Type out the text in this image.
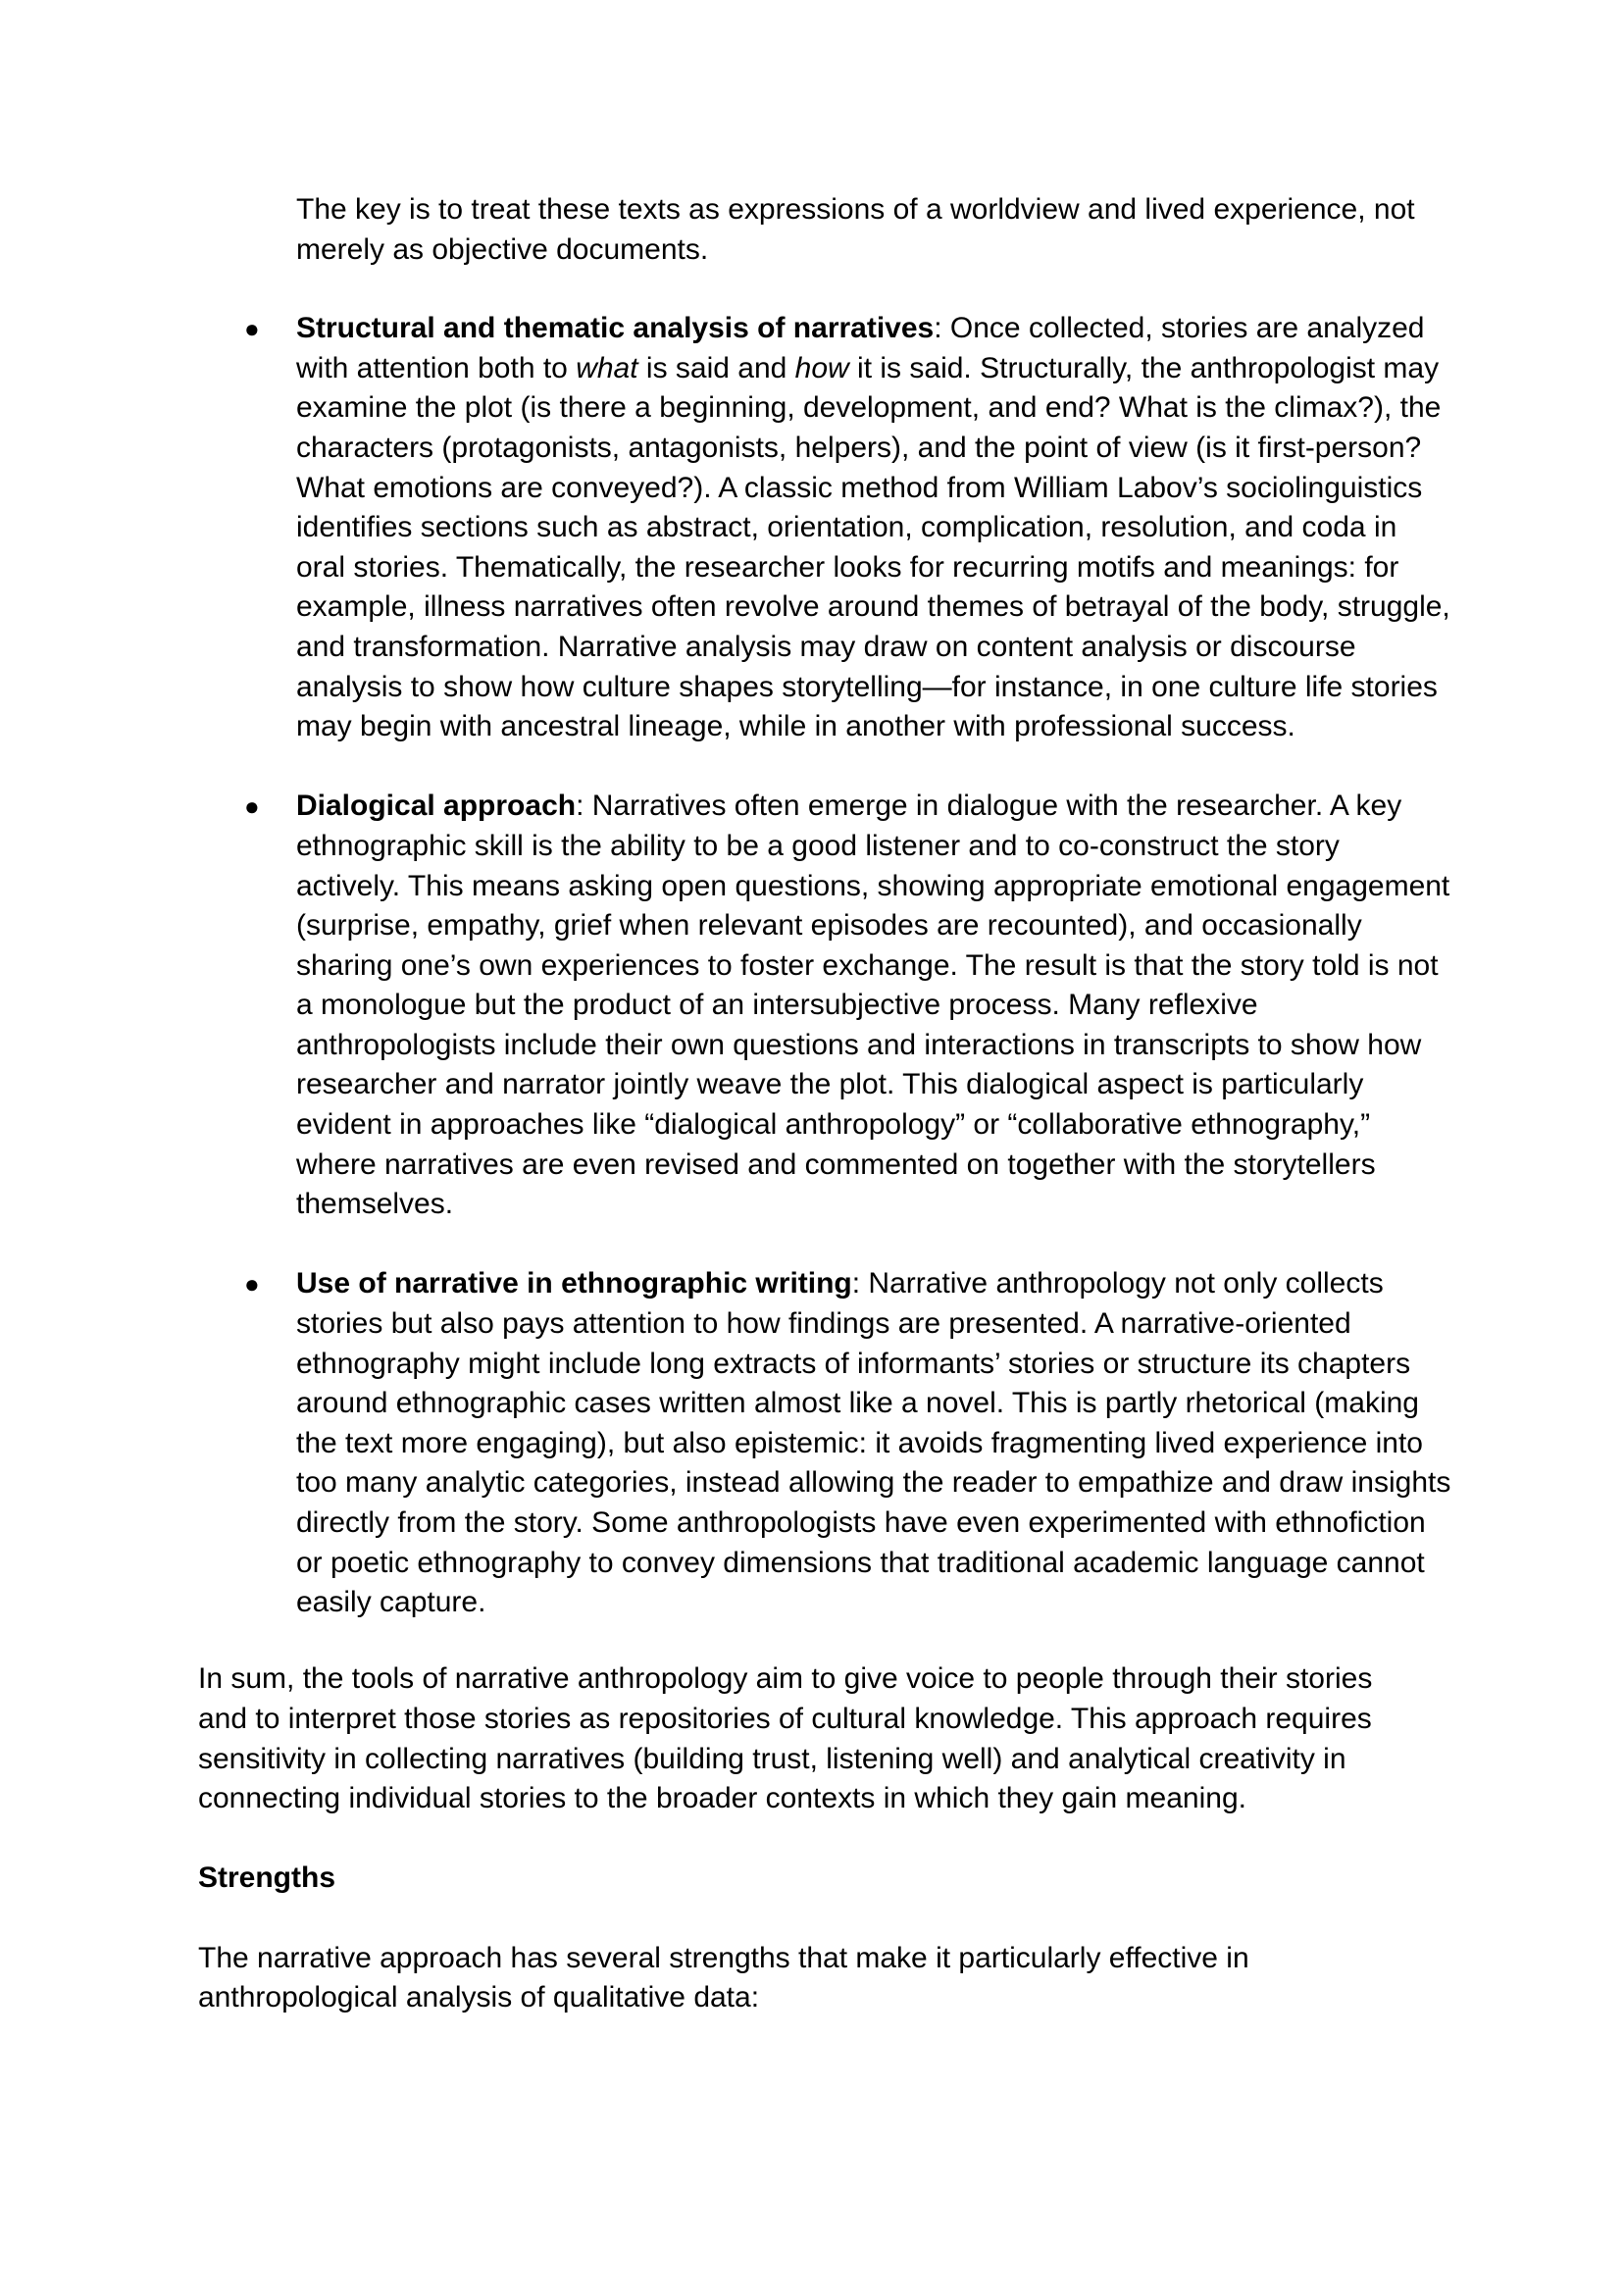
The key is to treat these texts as expressions of a worldview and lived experience, not merely as objective documents.

● Structural and thematic analysis of narratives: Once collected, stories are analyzed with attention both to what is said and how it is said. Structurally, the anthropologist may examine the plot (is there a beginning, development, and end? What is the climax?), the characters (protagonists, antagonists, helpers), and the point of view (is it first-person? What emotions are conveyed?). A classic method from William Labov’s sociolinguistics identifies sections such as abstract, orientation, complication, resolution, and coda in oral stories. Thematically, the researcher looks for recurring motifs and meanings: for example, illness narratives often revolve around themes of betrayal of the body, struggle, and transformation. Narrative analysis may draw on content analysis or discourse analysis to show how culture shapes storytelling—for instance, in one culture life stories may begin with ancestral lineage, while in another with professional success.
● Dialogical approach: Narratives often emerge in dialogue with the researcher. A key ethnographic skill is the ability to be a good listener and to co-construct the story actively. This means asking open questions, showing appropriate emotional engagement (surprise, empathy, grief when relevant episodes are recounted), and occasionally sharing one’s own experiences to foster exchange. The result is that the story told is not a monologue but the product of an intersubjective process. Many reflexive anthropologists include their own questions and interactions in transcripts to show how researcher and narrator jointly weave the plot. This dialogical aspect is particularly evident in approaches like “dialogical anthropology” or “collaborative ethnography,” where narratives are even revised and commented on together with the storytellers themselves.
● Use of narrative in ethnographic writing: Narrative anthropology not only collects stories but also pays attention to how findings are presented. A narrative-oriented ethnography might include long extracts of informants’ stories or structure its chapters around ethnographic cases written almost like a novel. This is partly rhetorical (making the text more engaging), but also epistemic: it avoids fragmenting lived experience into too many analytic categories, instead allowing the reader to empathize and draw insights directly from the story. Some anthropologists have even experimented with ethnofiction or poetic ethnography to convey dimensions that traditional academic language cannot easily capture.

In sum, the tools of narrative anthropology aim to give voice to people through their stories and to interpret those stories as repositories of cultural knowledge. This approach requires sensitivity in collecting narratives (building trust, listening well) and analytical creativity in connecting individual stories to the broader contexts in which they gain meaning.

Strengths

The narrative approach has several strengths that make it particularly effective in anthropological analysis of qualitative data:
